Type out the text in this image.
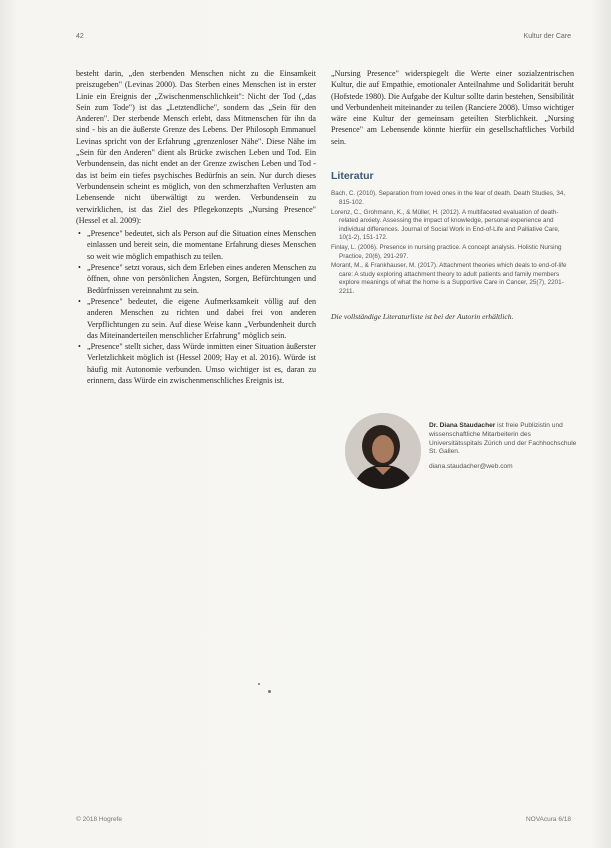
42	Kultur der Care

besteht darin, „den sterbenden Menschen nicht zu die Einsamkeit preiszugeben" (Levinas 2000). Das Sterben eines Menschen ist in erster Linie ein Ereignis der „Zwischenmenschlichkeit": Nicht der Tod („das Sein zum Tode") ist das „Letztendliche", sondern das „Sein für den Anderen". Der sterbende Mensch erlebt, dass Mitmenschen für ihn da sind - bis an die äußerste Grenze des Lebens. Der Philosoph Emmanuel Levinas spricht von der Erfahrung „grenzenloser Nähe". Diese Nähe im „Sein für den Anderen" dient als Brücke zwischen Leben und Tod. Ein Verbundensein, das nicht endet an der Grenze zwischen Leben und Tod - das ist beim ein tiefes psychisches Bedürfnis an sein. Nur durch dieses Verbundensein scheint es möglich, von den schmerzhaften Verlusten am Lebensende nicht überwältigt zu werden. Verbundensein zu verwirklichen, ist das Ziel des Pflegekonzepts „Nursing Presence" (Hessel et al. 2009):

• „Presence" bedeutet, sich als Person auf die Situation eines Menschen einlassen und bereit sein, die momentane Erfahrung dieses Menschen so weit wie möglich empathisch zu teilen.
• „Presence" setzt voraus, sich dem Erleben eines anderen Menschen zu öffnen, ohne von persönlichen Ängsten, Sorgen, Befürchtungen und Bedürfnissen vereinnahmt zu sein.
• „Presence" bedeutet, die eigene Aufmerksamkeit völlig auf den anderen Menschen zu richten und dabei frei von anderen Verpflichtungen zu sein. Auf diese Weise kann „Verbundenheit durch das Miteinanderteilen menschlicher Erfahrung" möglich sein.
• „Presence" stellt sicher, dass Würde inmitten einer Situation äußerster Verletzlichkeit möglich ist (Hessel 2009; Hay et al. 2016). Würde ist häufig mit Autonomie verbunden. Umso wichtiger ist es, daran zu erinnern, dass Würde ein zwischenmenschliches Ereignis ist.

„Nursing Presence" widerspiegelt die Werte einer sozialzentrischen Kultur, die auf Empathie, emotionaler Anteilnahme und Solidarität beruht (Hofstede 1980). Die Aufgabe der Kultur sollte darin bestehen, Sensibilität und Verbundenheit miteinander zu teilen (Ranciere 2008). Umso wichtiger wäre eine Kultur der gemeinsam geteilten Sterblichkeit. „Nursing Presence" am Lebensende könnte hierfür ein gesellschaftliches Vorbild sein.

Literatur
Bach, C. (2010). Separation from loved ones in the fear of death. Death Studies, 34, 815-102.
Lorenz, C., Grohmann, K., & Müller, H. (2012). A multifaceted evaluation of death-related anxiety. Assessing the impact of knowledge, personal experience and individual differences. Journal of Social Work in End-of-Life and Palliative Care, 10(1-2), 151-172.
Finlay, L. (2006). Presence in nursing practice. A concept analysis. Holistic Nursing Practice, 20(6), 291-297.
Morant, M., & Frankhauser, M. (2017). Attachment theories which deals to end-of-life care: A study exploring attachment theory to adult patients and family members explore meanings of what the home is a Supportive Care in Cancer, 25(7), 2201-2211.
Die vollständige Literaturliste ist bei der Autorin erhältlich.
Dr. Diana Staudacher ist freie Publizistin und wissenschaftliche Mitarbeiterin des Universitätsspitals Zürich und der Fachhochschule St. Gallen.
diana.staudacher@web.com
© 2018 Hogrefe	NOVAcura 6/18
